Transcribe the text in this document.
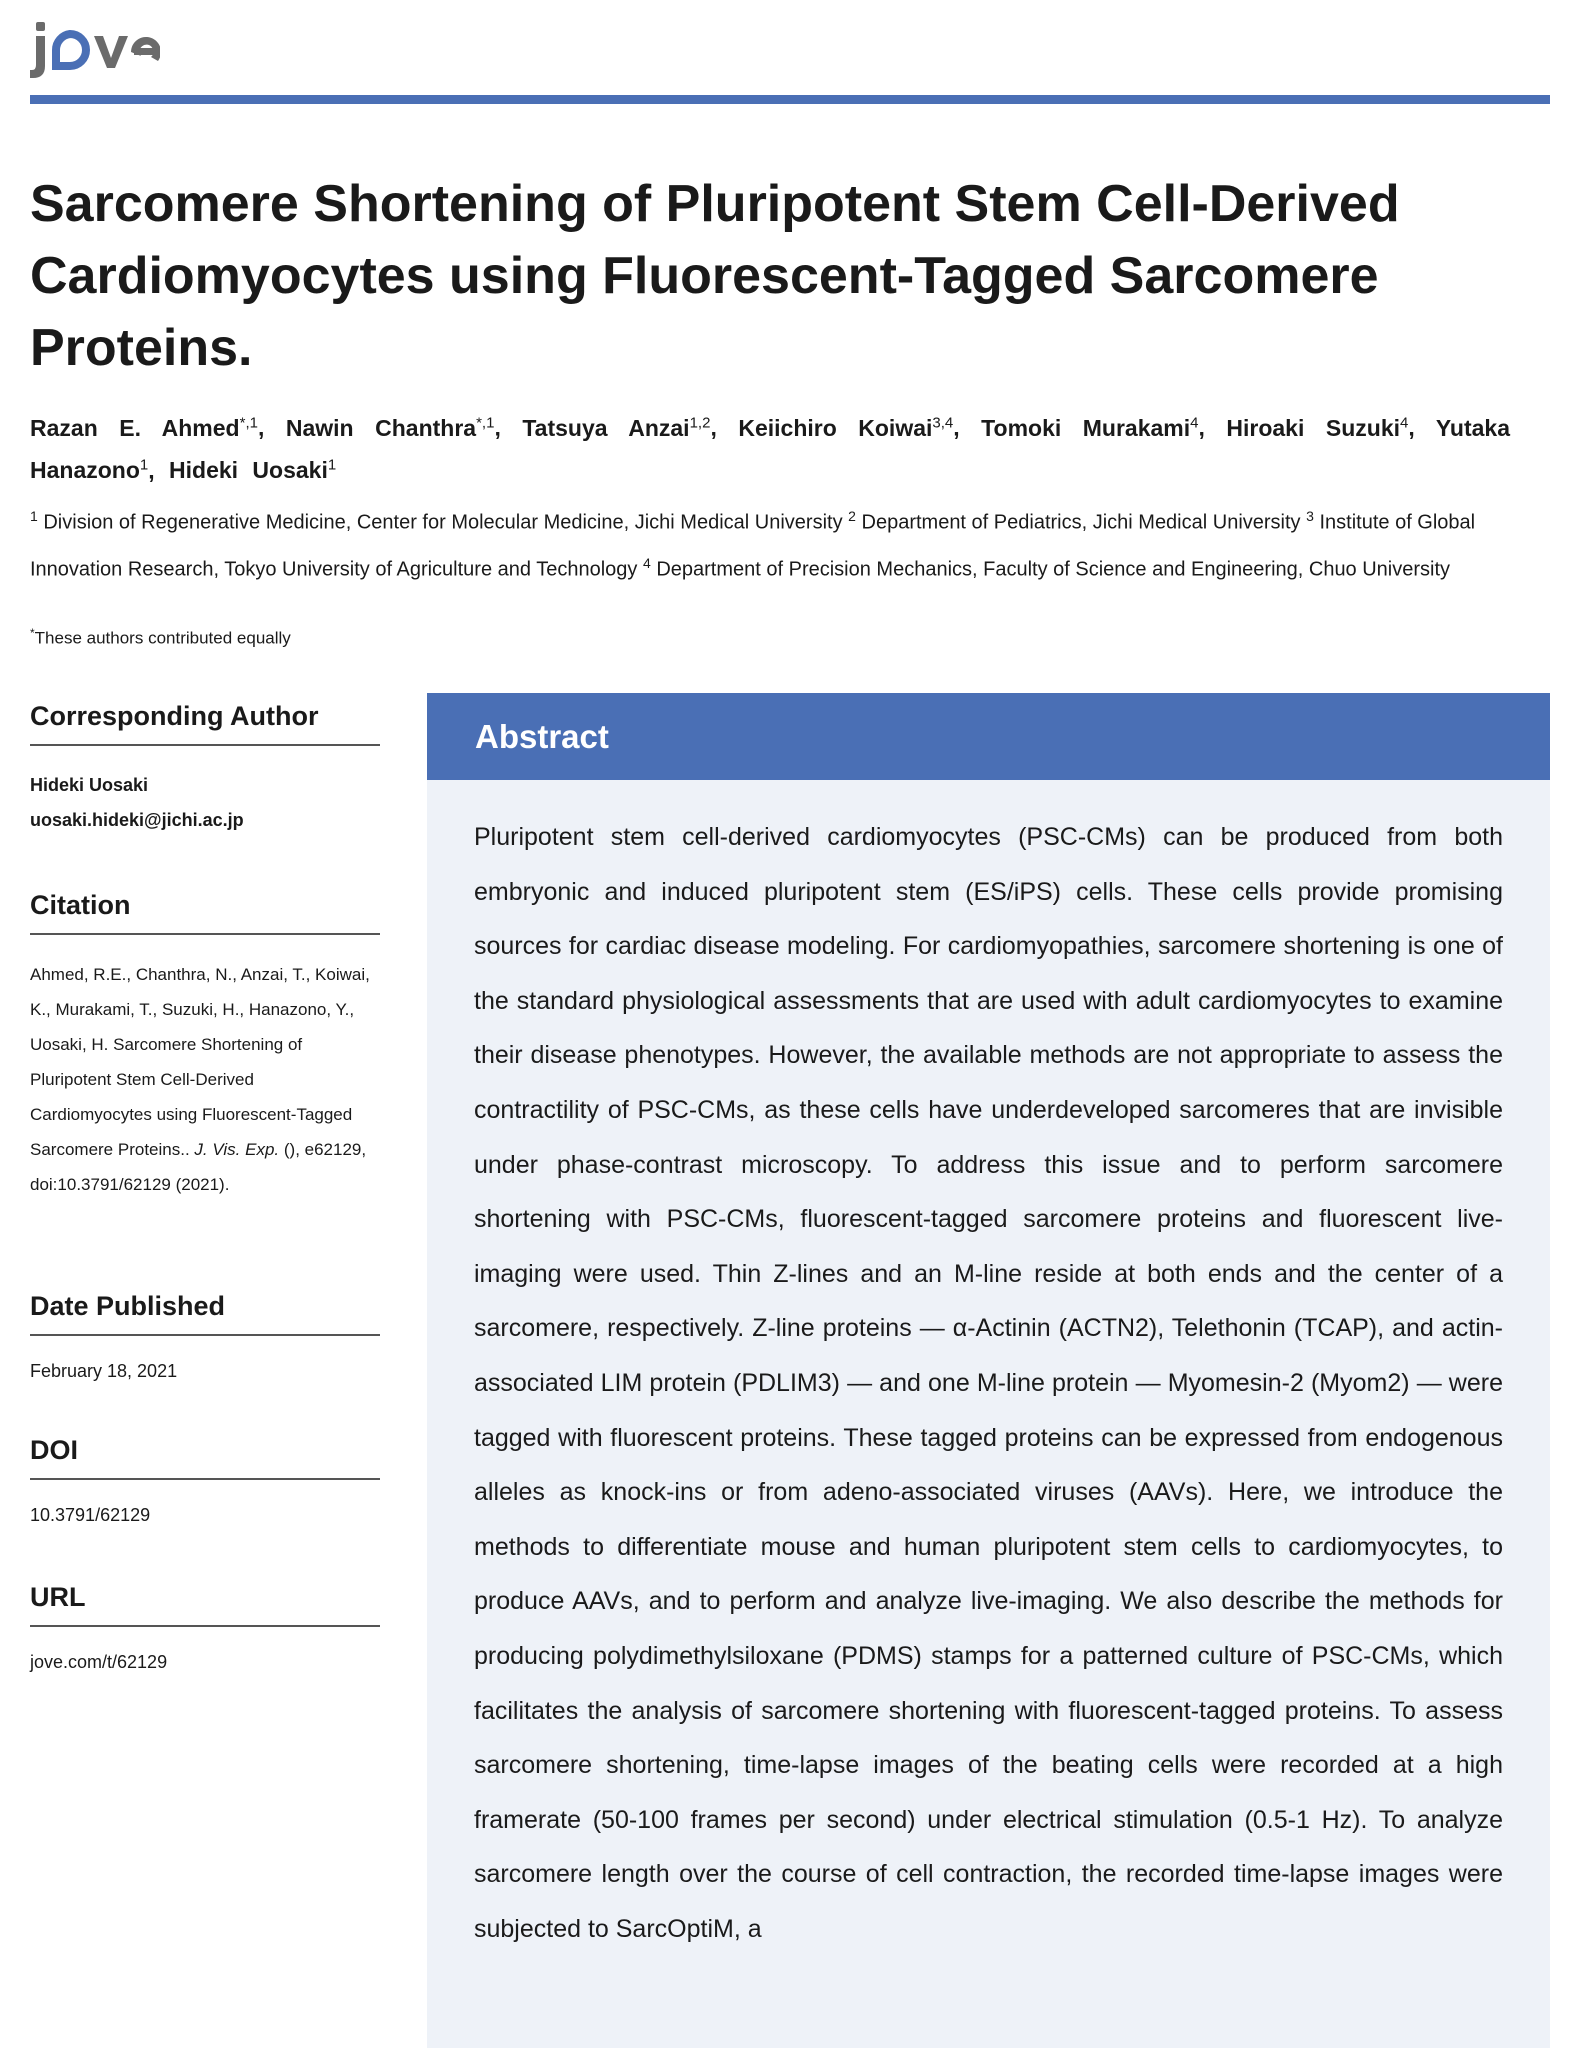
Sarcomere Shortening of Pluripotent Stem Cell-Derived Cardiomyocytes using Fluorescent-Tagged Sarcomere Proteins.
Razan E. Ahmed$^{*,1}$, Nawin Chanthra$^{*,1}$, Tatsuya Anzai$^{1,2}$, Keiichiro Koiwai$^{3,4}$, Tomoki Murakami$^4$, Hiroaki Suzuki$^4$, Yutaka Hanazono$^1$, Hideki Uosaki$^1$
$^1$ Division of Regenerative Medicine, Center for Molecular Medicine, Jichi Medical University $^2$ Department of Pediatrics, Jichi Medical University $^3$ Institute of Global Innovation Research, Tokyo University of Agriculture and Technology $^4$ Department of Precision Mechanics, Faculty of Science and Engineering, Chuo University
*These authors contributed equally
Corresponding Author
Hideki Uosaki
uosaki.hideki@jichi.ac.jp
Citation
Ahmed, R.E., Chanthra, N., Anzai, T., Koiwai, K., Murakami, T., Suzuki, H., Hanazono, Y., Uosaki, H. Sarcomere Shortening of Pluripotent Stem Cell-Derived Cardiomyocytes using Fluorescent-Tagged Sarcomere Proteins.. J. Vis. Exp. (), e62129, doi:10.3791/62129 (2021).
Date Published
February 18, 2021
DOI
10.3791/62129
URL
jove.com/t/62129
Abstract

Pluripotent stem cell-derived cardiomyocytes (PSC-CMs) can be produced from both embryonic and induced pluripotent stem (ES/iPS) cells. These cells provide promising sources for cardiac disease modeling. For cardiomyopathies, sarcomere shortening is one of the standard physiological assessments that are used with adult cardiomyocytes to examine their disease phenotypes. However, the available methods are not appropriate to assess the contractility of PSC-CMs, as these cells have underdeveloped sarcomeres that are invisible under phase-contrast microscopy. To address this issue and to perform sarcomere shortening with PSC-CMs, fluorescent-tagged sarcomere proteins and fluorescent live-imaging were used. Thin Z-lines and an M-line reside at both ends and the center of a sarcomere, respectively. Z-line proteins — α-Actinin (ACTN2), Telethonin (TCAP), and actin-associated LIM protein (PDLIM3) — and one M-line protein — Myomesin-2 (Myom2) — were tagged with fluorescent proteins. These tagged proteins can be expressed from endogenous alleles as knock-ins or from adeno-associated viruses (AAVs). Here, we introduce the methods to differentiate mouse and human pluripotent stem cells to cardiomyocytes, to produce AAVs, and to perform and analyze live-imaging. We also describe the methods for producing polydimethylsiloxane (PDMS) stamps for a patterned culture of PSC-CMs, which facilitates the analysis of sarcomere shortening with fluorescent-tagged proteins. To assess sarcomere shortening, time-lapse images of the beating cells were recorded at a high framerate (50-100 frames per second) under electrical stimulation (0.5-1 Hz). To analyze sarcomere length over the course of cell contraction, the recorded time-lapse images were subjected to SarcOptiM, a
